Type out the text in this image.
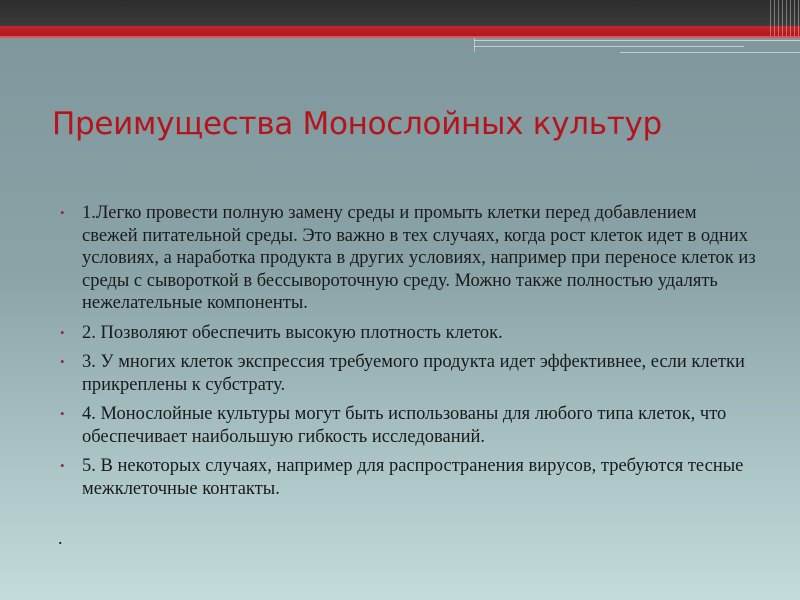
Преимущества Монослойных культур
• 1.Легко провести полную замену среды и промыть клетки перед добавлением свежей питательной среды. Это важно в тех случаях, когда рост клеток идет в одних условиях, а наработка продукта в других условиях, например при переносе клеток из среды с сывороткой в бессывороточную среду. Можно также полностью удалять нежелательные компоненты.
• 2. Позволяют обеспечить высокую плотность клеток.
• 3. У многих клеток экспрессия требуемого продукта идет эффективнее, если клетки прикреплены к субстрату.
• 4. Монослойные культуры могут быть использованы для любого типа клеток, что обеспечивает наибольшую гибкость исследований.
• 5. В некоторых случаях, например для распространения вирусов, требуются тесные межклеточные контакты.
.
